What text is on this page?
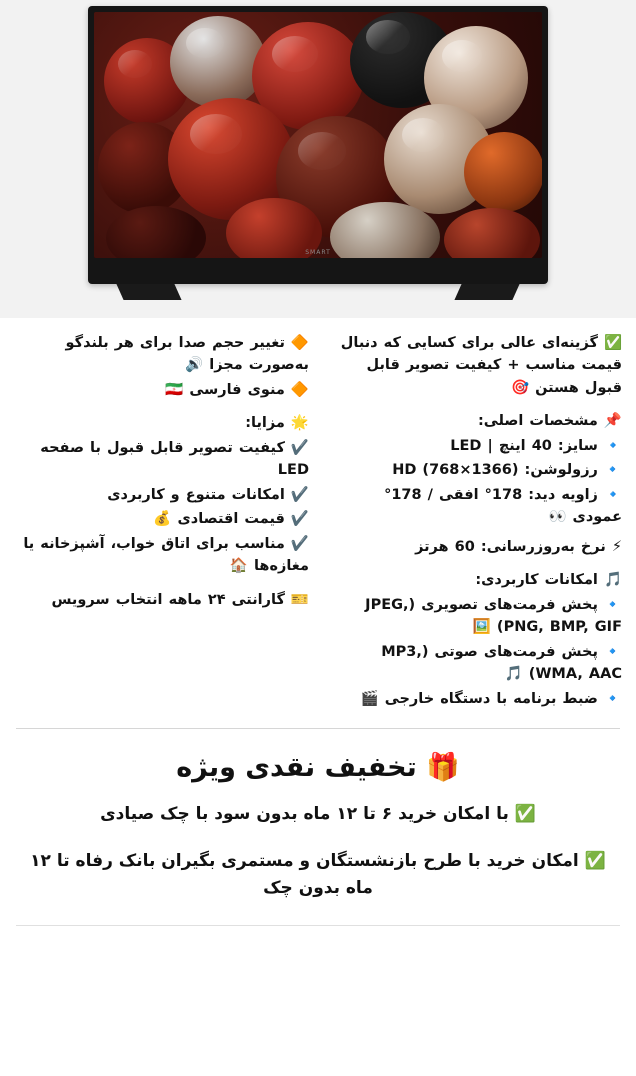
SMART
✅ گزینه‌ای عالی برای کسایی که دنبال قیمت مناسب + کیفیت تصویر قابل قبول هستن 🎯
📌 مشخصات اصلی:
🔹 سایز: 40 اینچ | LED
🔹 رزولوشن: (1366×768) HD
🔹 زاویه دید: 178° افقی / 178° عمودی 👀
⚡ نرخ به‌روزرسانی: 60 هرتز
🎵 امکانات کاربردی:
🔹 پخش فرمت‌های تصویری (JPEG, PNG, BMP, GIF) 🖼️
🔹 پخش فرمت‌های صوتی (MP3, WMA, AAC) 🎵
🔹 ضبط برنامه با دستگاه خارجی 🎬
🔶 تغییر حجم صدا برای هر بلندگو به‌صورت مجزا 🔊
🔶 منوی فارسی 🇮🇷
🌟 مزایا:
✔️ کیفیت تصویر قابل قبول با صفحه LED
✔️ امکانات متنوع و کاربردی
✔️ قیمت اقتصادی 💰
✔️ مناسب برای اتاق خواب، آشپزخانه یا مغازه‌ها 🏠
🎫 گارانتی ۲۴ ماهه انتخاب سرویس
🎁 تخفیف نقدی ویژه
✅ با امکان خرید ۶ تا ۱۲ ماه بدون سود با چک صیادی
✅ امکان خرید با طرح بازنشستگان و مستمری بگیران بانک رفاه تا ۱۲ ماه بدون چک
